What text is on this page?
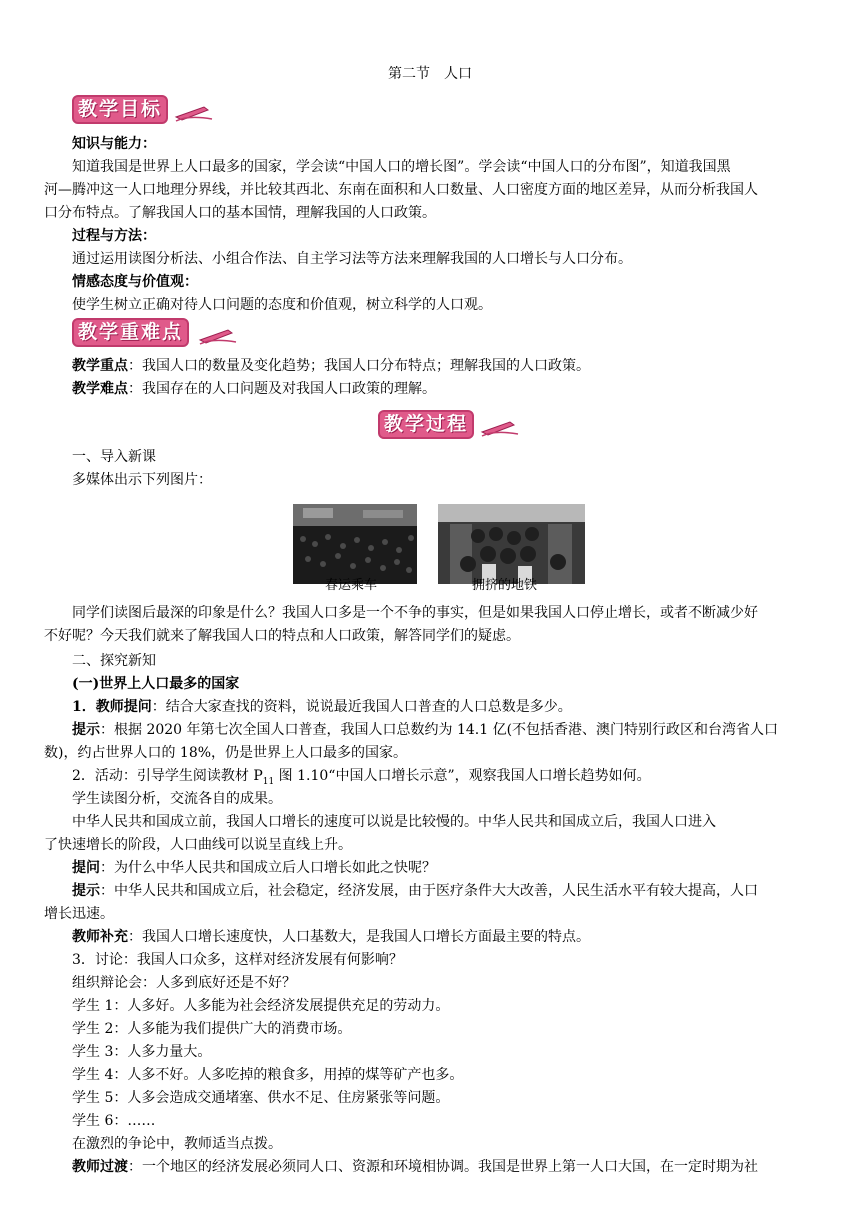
第二节　人口
教学目标
知识与能力：
知道我国是世界上人口最多的国家，学会读“中国人口的增长图”。学会读“中国人口的分布图”，知道我国黑
河—腾冲这一人口地理分界线，并比较其西北、东南在面积和人口数量、人口密度方面的地区差异，从而分析我国人
口分布特点。了解我国人口的基本国情，理解我国的人口政策。
过程与方法：
通过运用读图分析法、小组合作法、自主学习法等方法来理解我国的人口增长与人口分布。
情感态度与价值观：
使学生树立正确对待人口问题的态度和价值观，树立科学的人口观。
教学重难点
教学重点：我国人口的数量及变化趋势；我国人口分布特点；理解我国的人口政策。
教学难点：我国存在的人口问题及对我国人口政策的理解。
教学过程
一、导入新课
多媒体出示下列图片：
春运乘车	拥挤的地铁
同学们读图后最深的印象是什么？我国人口多是一个不争的事实，但是如果我国人口停止增长，或者不断减少好
不好呢？今天我们就来了解我国人口的特点和人口政策，解答同学们的疑虑。
二、探究新知
(一)世界上人口最多的国家
1．教师提问：结合大家查找的资料，说说最近我国人口普查的人口总数是多少。
提示：根据 2020 年第七次全国人口普查，我国人口总数约为 14.1 亿(不包括香港、澳门特别行政区和台湾省人口
数)，约占世界人口的 18%，仍是世界上人口最多的国家。
2．活动：引导学生阅读教材 $P_{11}$ 图 1.10“中国人口增长示意”，观察我国人口增长趋势如何。
学生读图分析，交流各自的成果。
中华人民共和国成立前，我国人口增长的速度可以说是比较慢的。中华人民共和国成立后，我国人口进入
了快速增长的阶段，人口曲线可以说呈直线上升。
提问：为什么中华人民共和国成立后人口增长如此之快呢？
提示：中华人民共和国成立后，社会稳定，经济发展，由于医疗条件大大改善，人民生活水平有较大提高，人口
增长迅速。
教师补充：我国人口增长速度快，人口基数大，是我国人口增长方面最主要的特点。
3．讨论：我国人口众多，这样对经济发展有何影响？
组织辩论会：人多到底好还是不好？
学生 1：人多好。人多能为社会经济发展提供充足的劳动力。
学生 2：人多能为我们提供广大的消费市场。
学生 3：人多力量大。
学生 4：人多不好。人多吃掉的粮食多，用掉的煤等矿产也多。
学生 5：人多会造成交通堵塞、供水不足、住房紧张等问题。
学生 6：……
在激烈的争论中，教师适当点拨。
教师过渡：一个地区的经济发展必须同人口、资源和环境相协调。我国是世界上第一人口大国，在一定时期为社
